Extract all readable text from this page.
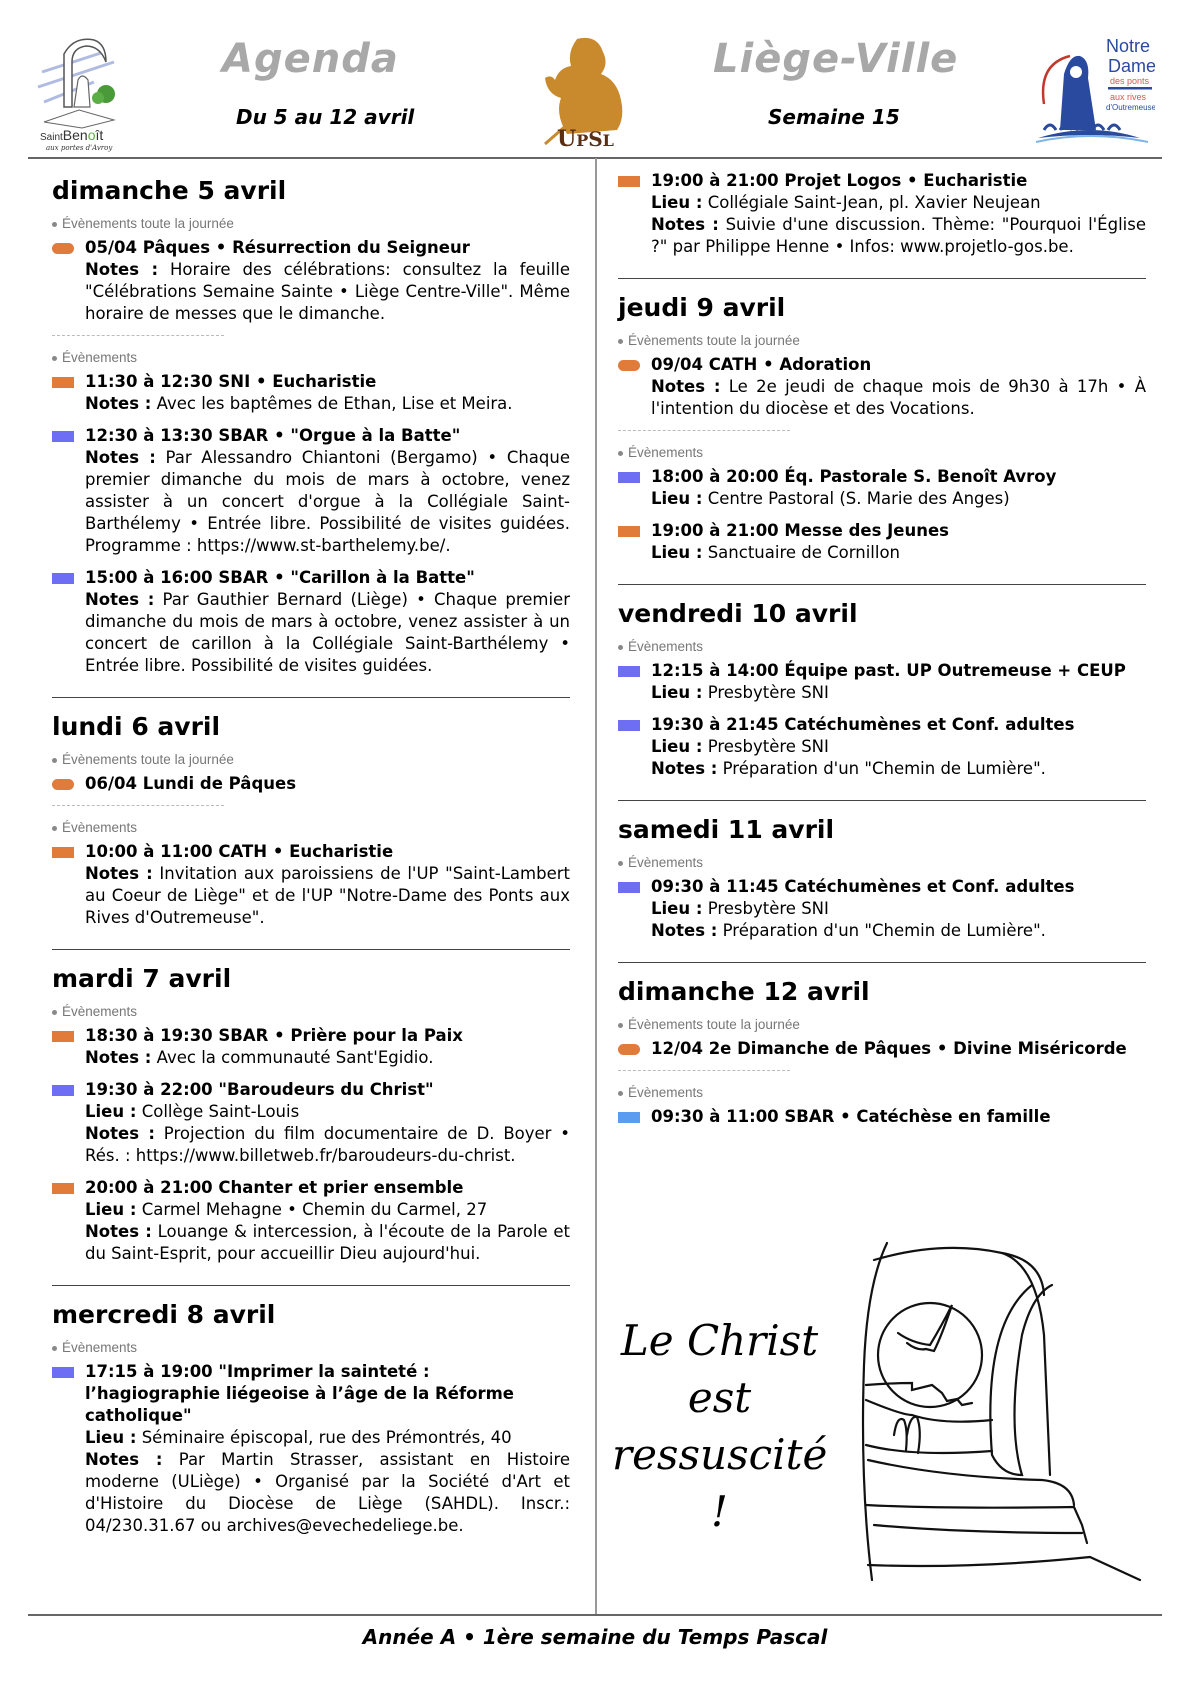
SaintBenoît
aux portes d'Avroy
Agenda
Du 5 au 12 avril
UPSL
Liège-Ville
Semaine 15
Notre
Dame
des ponts
aux rives
d'Outremeuse
dimanche 5 avril
Évènements toute la journée
05/04 Pâques • Résurrection du Seigneur
Notes : Horaire des célébrations: consultez la feuille "Célébrations Semaine Sainte • Liège Centre-Ville". Même horaire de messes que le dimanche.
Évènements
11:30 à 12:30 SNI • Eucharistie
Notes : Avec les baptêmes de Ethan, Lise et Meira.
12:30 à 13:30 SBAR • "Orgue à la Batte"
Notes : Par Alessandro Chiantoni (Bergamo) • Chaque premier dimanche du mois de mars à octobre, venez assister à un concert d'orgue à la Collégiale Saint-Barthélemy • Entrée libre. Possibilité de visites guidées. Programme : https://www.st-barthelemy.be/.
15:00 à 16:00 SBAR • "Carillon à la Batte"
Notes : Par Gauthier Bernard (Liège) • Chaque premier dimanche du mois de mars à octobre, venez assister à un concert de carillon à la Collégiale Saint-Barthélemy • Entrée libre. Possibilité de visites guidées.
lundi 6 avril
Évènements toute la journée
06/04 Lundi de Pâques
Évènements
10:00 à 11:00 CATH • Eucharistie
Notes : Invitation aux paroissiens de l'UP "Saint-Lambert au Coeur de Liège" et de l'UP "Notre-Dame des Ponts aux Rives d'Outremeuse".
mardi 7 avril
Évènements
18:30 à 19:30 SBAR • Prière pour la Paix
Notes : Avec la communauté Sant'Egidio.
19:30 à 22:00 "Baroudeurs du Christ"
Lieu : Collège Saint-Louis
Notes : Projection du film documentaire de D. Boyer • Rés. : https://www.billetweb.fr/baroudeurs-du-christ.
20:00 à 21:00 Chanter et prier ensemble
Lieu : Carmel Mehagne • Chemin du Carmel, 27
Notes : Louange & intercession, à l'écoute de la Parole et du Saint-Esprit, pour accueillir Dieu aujourd'hui.
mercredi 8 avril
Évènements
17:15 à 19:00 "Imprimer la sainteté : l’hagiographie liégeoise à l’âge de la Réforme catholique"
Lieu : Séminaire épiscopal, rue des Prémontrés, 40
Notes : Par Martin Strasser, assistant en Histoire moderne (ULiège) • Organisé par la Société d'Art et d'Histoire du Diocèse de Liège (SAHDL). Inscr.: 04/230.31.67 ou archives@evechedeliege.be.
19:00 à 21:00 Projet Logos • Eucharistie
Lieu : Collégiale Saint-Jean, pl. Xavier Neujean
Notes : Suivie d'une discussion. Thème: "Pourquoi l'Église ?" par Philippe Henne • Infos: www.projetlo-gos.be.
jeudi 9 avril
Évènements toute la journée
09/04 CATH • Adoration
Notes : Le 2e jeudi de chaque mois de 9h30 à 17h • À l'intention du diocèse et des Vocations.
Évènements
18:00 à 20:00 Éq. Pastorale S. Benoît Avroy
Lieu : Centre Pastoral (S. Marie des Anges)
19:00 à 21:00 Messe des Jeunes
Lieu : Sanctuaire de Cornillon
vendredi 10 avril
Évènements
12:15 à 14:00 Équipe past. UP Outremeuse + CEUP
Lieu : Presbytère SNI
19:30 à 21:45 Catéchumènes et Conf. adultes
Lieu : Presbytère SNI
Notes : Préparation d'un "Chemin de Lumière".
samedi 11 avril
Évènements
09:30 à 11:45 Catéchumènes et Conf. adultes
Lieu : Presbytère SNI
Notes : Préparation d'un "Chemin de Lumière".
dimanche 12 avril
Évènements toute la journée
12/04 2e Dimanche de Pâques • Divine Miséricorde
Évènements
09:30 à 11:00 SBAR • Catéchèse en famille
Le Christ
est
ressuscité !
Année A • 1ère semaine du Temps Pascal
